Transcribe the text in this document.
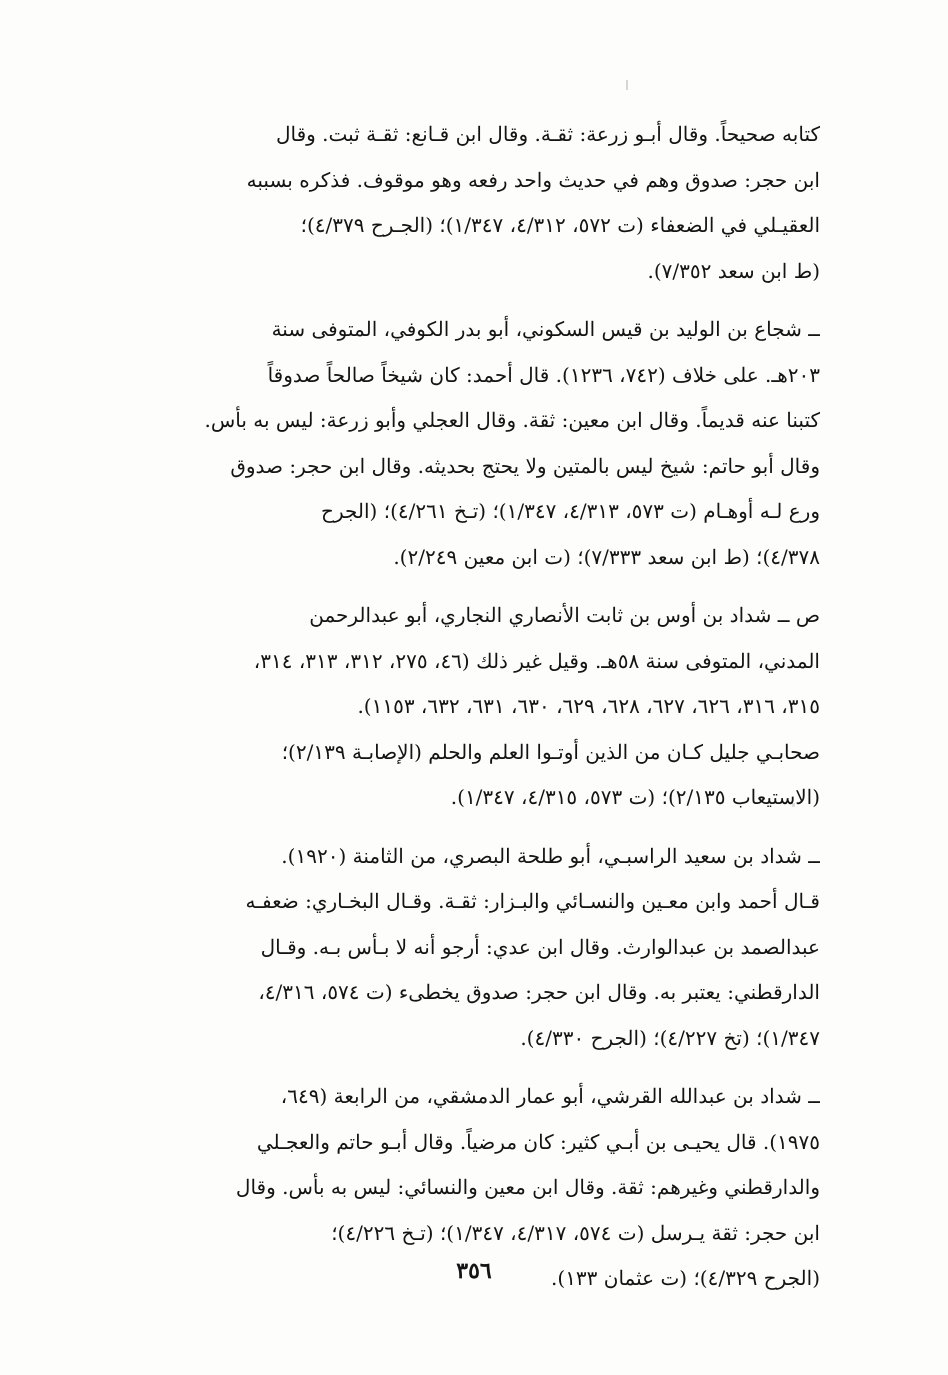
كتابه صحيحاً. وقال أبـو زرعة: ثقـة. وقال ابن قـانع: ثقـة ثبت. وقال
ابن حجر: صدوق وهم في حديث واحد رفعه وهو موقوف. فذكره بسببه
العقيـلي في الضعفاء (ت ٥٧٢، ٤/٣١٢، ١/٣٤٧)؛ (الجـرح ٤/٣٧٩)؛
(ط ابن سعد ٧/٣٥٢).
ــ شجاع بن الوليد بن قيس السكوني، أبو بدر الكوفي، المتوفى سنة
٢٠٣هـ. على خلاف (٧٤٢، ١٢٣٦). قال أحمد: كان شيخاً صالحاً صدوقاً
كتبنا عنه قديماً. وقال ابن معين: ثقة. وقال العجلي وأبو زرعة: ليس به بأس.
وقال أبو حاتم: شيخ ليس بالمتين ولا يحتج بحديثه. وقال ابن حجر: صدوق
ورع لـه أوهـام (ت ٥٧٣، ٤/٣١٣، ١/٣٤٧)؛ (تـخ ٤/٢٦١)؛ (الجرح
٤/٣٧٨)؛ (ط ابن سعد ٧/٣٣٣)؛ (ت ابن معين ٢/٢٤٩).
ص ــ شداد بن أوس بن ثابت الأنصاري النجاري، أبو عبدالرحمن
المدني، المتوفى سنة ٥٨هـ. وقيل غير ذلك (٤٦، ٢٧٥، ٣١٢، ٣١٣، ٣١٤،
٣١٥، ٣١٦، ٦٢٦، ٦٢٧، ٦٢٨، ٦٢٩، ٦٣٠، ٦٣١، ٦٣٢، ١١٥٣).
صحابـي جليل كـان من الذين أوتـوا العلم والحلم (الإصابـة ٢/١٣٩)؛
(الاستيعاب ٢/١٣٥)؛ (ت ٥٧٣، ٤/٣١٥، ١/٣٤٧).
ــ شداد بن سعيد الراسبـي، أبو طلحة البصري، من الثامنة (١٩٢٠).
قـال أحمد وابن معـين والنسـائي والبـزار: ثقـة. وقـال البخـاري: ضعفـه
عبدالصمد بن عبدالوارث. وقال ابن عدي: أرجو أنه لا بـأس بـه. وقـال
الدارقطني: يعتبر به. وقال ابن حجر: صدوق يخطىء (ت ٥٧٤، ٤/٣١٦،
١/٣٤٧)؛ (تخ ٤/٢٢٧)؛ (الجرح ٤/٣٣٠).
ــ شداد بن عبدالله القرشي، أبو عمار الدمشقي، من الرابعة (٦٤٩،
١٩٧٥). قال يحيـى بن أبـي كثير: كان مرضياً. وقال أبـو حاتم والعجـلي
والدارقطني وغيرهم: ثقة. وقال ابن معين والنسائي: ليس به بأس. وقال
ابن حجر: ثقة يـرسل (ت ٥٧٤، ٤/٣١٧، ١/٣٤٧)؛ (تـخ ٤/٢٢٦)؛
(الجرح ٤/٣٢٩)؛ (ت عثمان ١٣٣).
٣٥٦
